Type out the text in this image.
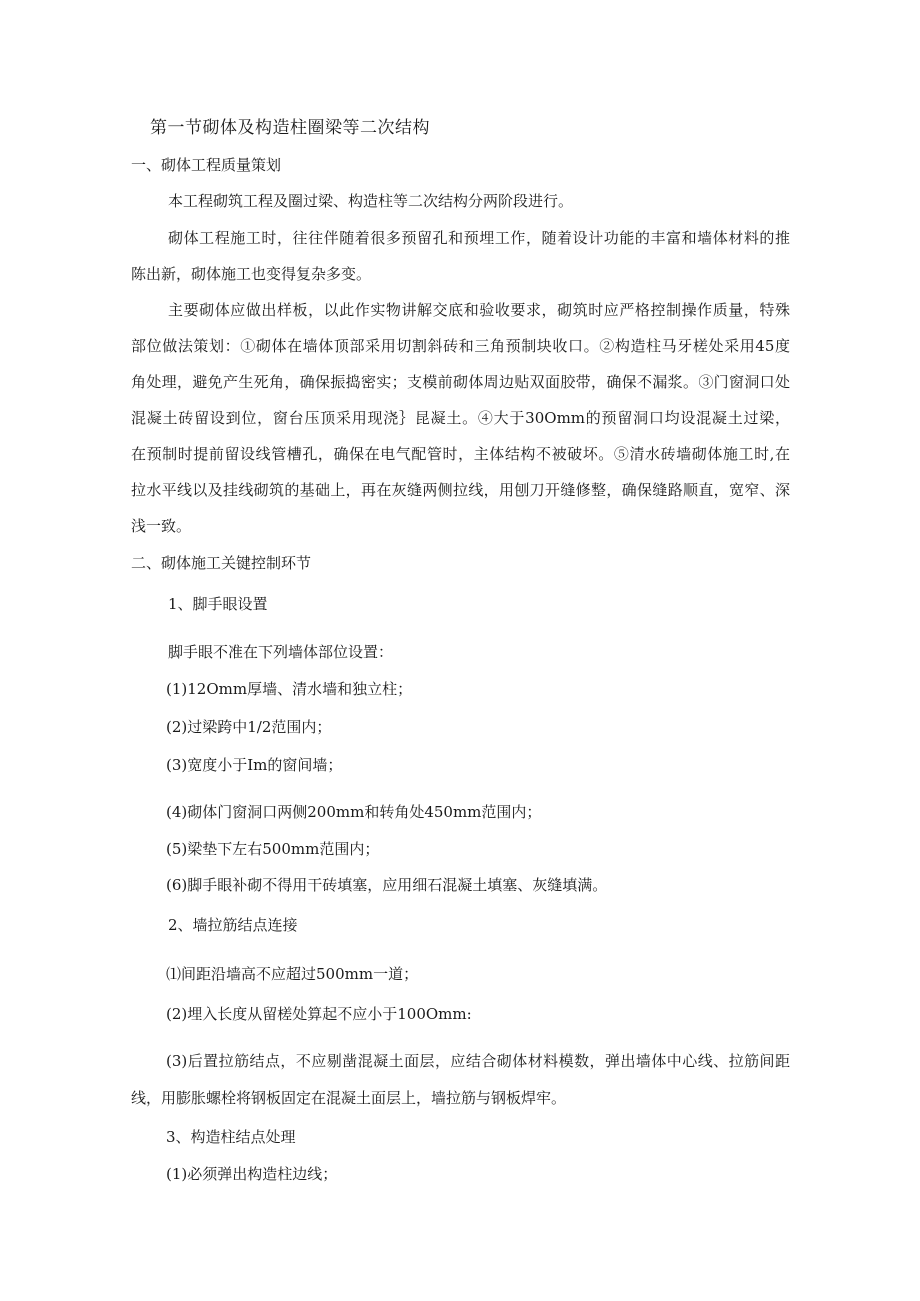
第一节砌体及构造柱圈梁等二次结构
一、砌体工程质量策划
本工程砌筑工程及圈过梁、构造柱等二次结构分两阶段进行。
砌体工程施工时，往往伴随着很多预留孔和预埋工作，随着设计功能的丰富和墙体材料的推
陈出新，砌体施工也变得复杂多变。
主要砌体应做出样板，以此作实物讲解交底和验收要求，砌筑时应严格控制操作质量，特殊
部位做法策划：①砌体在墙体顶部采用切割斜砖和三角预制块收口。②构造柱马牙槎处采用45度
角处理，避免产生死角，确保振捣密实；支模前砌体周边贴双面胶带，确保不漏浆。③门窗洞口处
混凝土砖留设到位，窗台压顶采用现浇｝昆凝土。④大于30Omm的预留洞口均设混凝土过梁，
在预制时提前留设线管槽孔，确保在电气配管时，主体结构不被破坏。⑤清水砖墙砌体施工时,在
拉水平线以及挂线砌筑的基础上，再在灰缝两侧拉线，用刨刀开缝修整，确保缝路顺直，宽窄、深
浅一致。
二、砌体施工关键控制环节
1、脚手眼设置
脚手眼不准在下列墙体部位设置：
(1)12Omm厚墙、清水墙和独立柱；
(2)过梁跨中1/2范围内；
(3)宽度小于Im的窗间墙；
(4)砌体门窗洞口两侧200mm和转角处450mm范围内；
(5)梁垫下左右500mm范围内；
(6)脚手眼补砌不得用干砖填塞，应用细石混凝土填塞、灰缝填满。
2、墙拉筋结点连接
⑴间距沿墙高不应超过500mm一道；
(2)埋入长度从留槎处算起不应小于100Omm:
(3)后置拉筋结点，不应剔凿混凝土面层，应结合砌体材料模数，弹出墙体中心线、拉筋间距
线，用膨胀螺栓将钢板固定在混凝土面层上，墙拉筋与钢板焊牢。
3、构造柱结点处理
(1)必须弹出构造柱边线；
